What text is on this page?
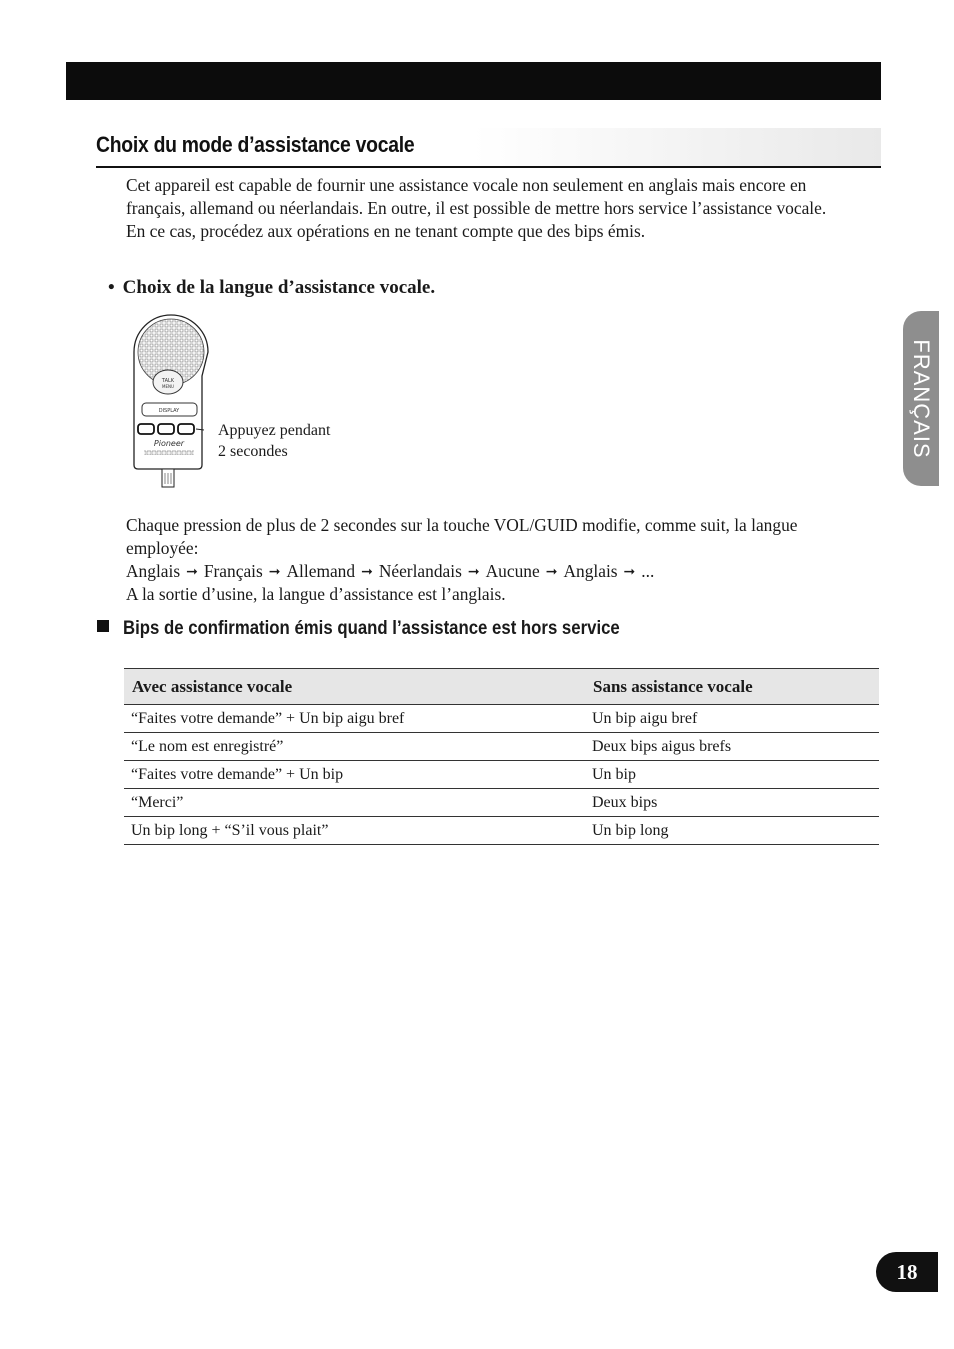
Choix du mode d’assistance vocale

Cet appareil est capable de fournir une assistance vocale non seulement en anglais mais encore en français, allemand ou néerlandais. En outre, il est possible de mettre hors service l’assistance vocale. En ce cas, procédez aux opérations en ne tenant compte que des bips émis.

• Choix de la langue d’assistance vocale.
TALK
MENU
DISPLAY
Pioneer
Appuyez pendant
2 secondes

Chaque pression de plus de 2 secondes sur la touche VOL/GUID modifie, comme suit, la langue employée:

Anglais ➞ Français ➞ Allemand ➞ Néerlandais ➞ Aucune ➞ Anglais ➞ ...
A la sortie d’usine, la langue d’assistance est l’anglais.
Bips de confirmation émis quand l’assistance est hors service
Avec assistance vocale	Sans assistance vocale
“Faites votre demande” + Un bip aigu bref	Un bip aigu bref
“Le nom est enregistré”	Deux bips aigus brefs
“Faites votre demande” + Un bip	Un bip
“Merci”	Deux bips
Un bip long + “S’il vous plait”	Un bip long
FRANÇAIS
18
